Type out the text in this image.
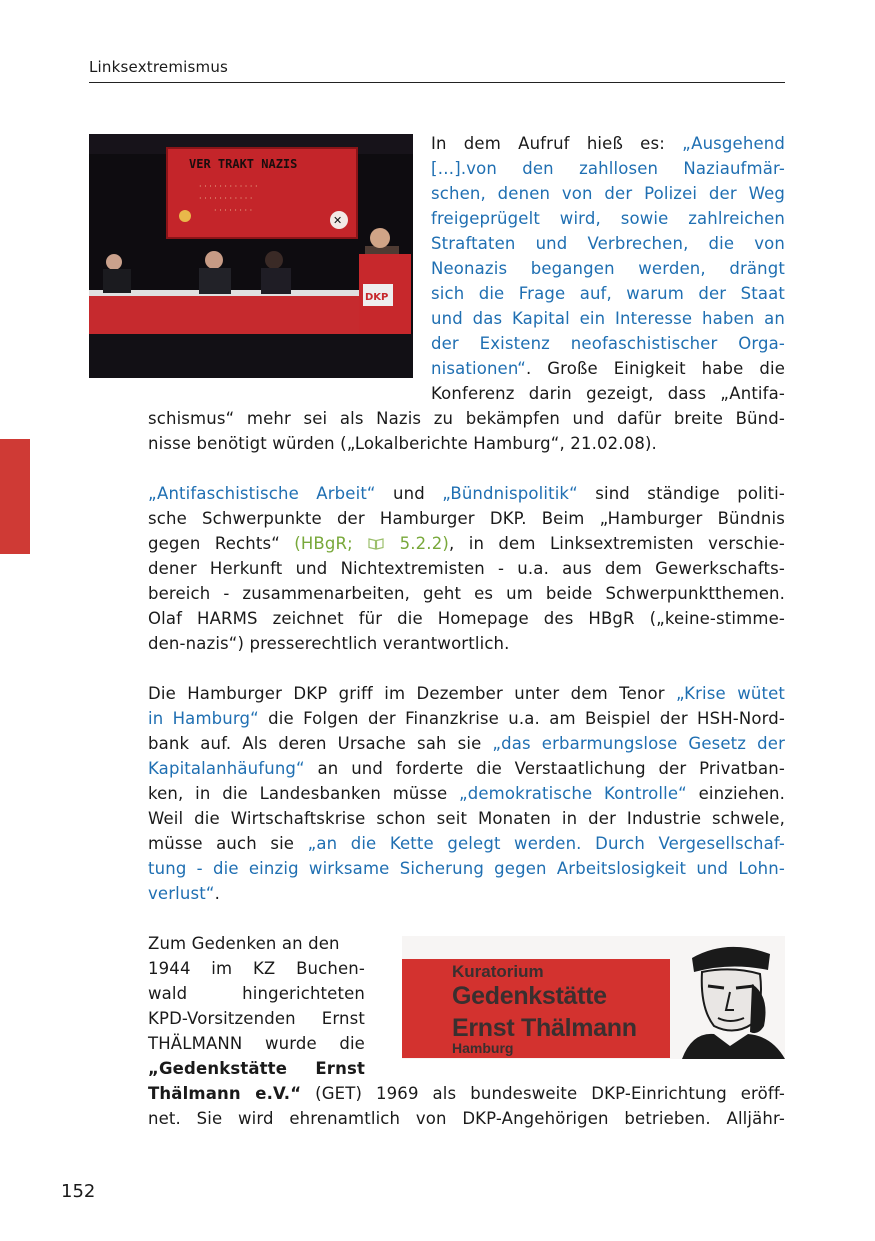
Linksextremismus
VER TRAKT NAZIS
· · · · · · · · · · · ·
· · · · · · · · · · ·
· · · · · · · ·
✕
DKP
In dem Aufruf hieß es: „Ausgehend
[…].von den zahllosen Naziaufmär-
schen, denen von der Polizei der Weg
freigeprügelt wird, sowie zahlreichen
Straftaten und Verbrechen, die von
Neonazis begangen werden, drängt
sich die Frage auf, warum der Staat
und das Kapital ein Interesse haben an
der Existenz neofaschistischer Orga-
nisationen“. Große Einigkeit habe die
Konferenz darin gezeigt, dass „Antifa-
schismus“ mehr sei als Nazis zu bekämpfen und dafür breite Bünd-
nisse benötigt würden („Lokalberichte Hamburg“, 21.02.08).
„Antifaschistische Arbeit“ und „Bündnispolitik“ sind ständige politi-
sche Schwerpunkte der Hamburger DKP. Beim „Hamburger Bündnis
gegen Rechts“ (HBgR;  5.2.2), in dem Linksextremisten verschie-
dener Herkunft und Nichtextremisten - u.a. aus dem Gewerkschafts-
bereich - zusammenarbeiten, geht es um beide Schwerpunktthemen.
Olaf HARMS zeichnet für die Homepage des HBgR („keine-stimme-
den-nazis“) presserechtlich verantwortlich.
Die Hamburger DKP griff im Dezember unter dem Tenor „Krise wütet
in Hamburg“ die Folgen der Finanzkrise u.a. am Beispiel der HSH-Nord-
bank auf. Als deren Ursache sah sie „das erbarmungslose Gesetz der
Kapitalanhäufung“ an und forderte die Verstaatlichung der Privatban-
ken, in die Landesbanken müsse „demokratische Kontrolle“ einziehen.
Weil die Wirtschaftskrise schon seit Monaten in der Industrie schwele,
müsse auch sie „an die Kette gelegt werden. Durch Vergesellschaf-
tung - die einzig wirksame Sicherung gegen Arbeitslosigkeit und Lohn-
verlust“.
Kuratorium
Gedenkstätte
Ernst Thälmann
Hamburg
Zum Gedenken an den
1944 im KZ Buchen-
wald hingerichteten
KPD-Vorsitzenden Ernst
THÄLMANN wurde die
„Gedenkstätte Ernst
Thälmann e.V.“ (GET) 1969 als bundesweite DKP-Einrichtung eröff-
net. Sie wird ehrenamtlich von DKP-Angehörigen betrieben. Alljähr-
152
